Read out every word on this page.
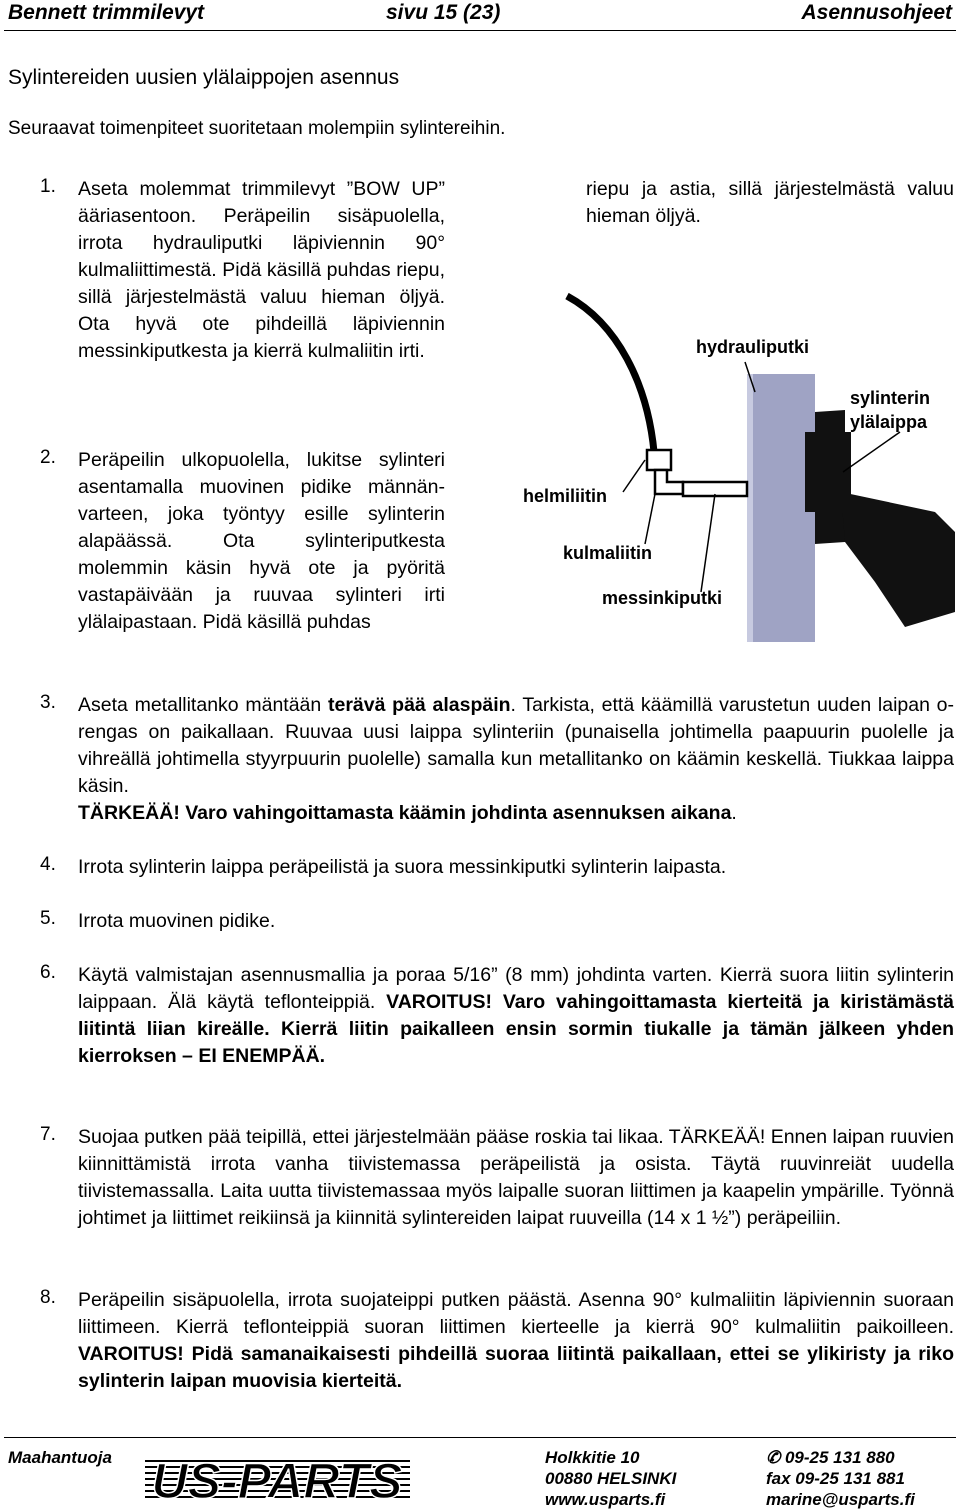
Bennett trimmilevyt	sivu 15 (23)	Asennusohjeet
Sylintereiden uusien ylälaippojen asennus
Seuraavat toimenpiteet suoritetaan molempiin sylintereihin.
1. Aseta molemmat trimmilevyt ”BOW UP” ääriasentoon. Peräpeilin sisäpuolella, irrota hydrauliputki läpiviennin 90° kulmaliittimestä. Pidä käsillä puhdas riepu, sillä järjestelmästä valuu hieman öljyä. Ota hyvä ote pihdeillä läpiviennin messinkiputkesta ja kierrä kulmaliitin irti.
2. Peräpeilin ulkopuolella, lukitse sylinteri asentamalla muovinen pidike männän-varteen, joka työntyy esille sylinterin alapäässä. Ota sylinteriputkesta molemmin käsin hyvä ote ja pyöritä vastapäivään ja ruuvaa sylinteri irti ylälaipastaan. Pidä käsillä puhdas
riepu ja astia, sillä järjestelmästä valuu hieman öljyä.
hydrauliputki
sylinterin
ylälaippa
helmiliitin
kulmaliitin
messinkiputki
3. Aseta metallitanko mäntään terävä pää alaspäin. Tarkista, että käämillä varustetun uuden laipan o-rengas on paikallaan. Ruuvaa uusi laippa sylinteriin (punaisella johtimella paapuurin puolelle ja vihreällä johtimella styyrpuurin puolelle) samalla kun metallitanko on käämin keskellä. Tiukkaa laippa käsin.
TÄRKEÄÄ! Varo vahingoittamasta käämin johdinta asennuksen aikana.
4. Irrota sylinterin laippa peräpeilistä ja suora messinkiputki sylinterin laipasta.
5. Irrota muovinen pidike.
6. Käytä valmistajan asennusmallia ja poraa 5/16” (8 mm) johdinta varten. Kierrä suora liitin sylinterin laippaan. Älä käytä teflonteippiä. VAROITUS! Varo vahingoittamasta kierteitä ja kiristämästä liitintä liian kireälle. Kierrä liitin paikalleen ensin sormin tiukalle ja tämän jälkeen yhden kierroksen – EI ENEMPÄÄ.
7. Suojaa putken pää teipillä, ettei järjestelmään pääse roskia tai likaa. TÄRKEÄÄ! Ennen laipan ruuvien kiinnittämistä irrota vanha tiivistemassa peräpeilistä ja osista. Täytä ruuvinreiät uudella tiivistemassalla. Laita uutta tiivistemassaa myös laipalle suoran liittimen ja kaapelin ympärille. Työnnä johtimet ja liittimet reikiinsä ja kiinnitä sylintereiden laipat ruuveilla (14 x 1 ½”) peräpeiliin.
8. Peräpeilin sisäpuolella, irrota suojateippi putken päästä. Asenna 90° kulmaliitin läpiviennin suoraan liittimeen. Kierrä teflonteippiä suoran liittimen kierteelle ja kierrä 90° kulmaliitin paikoilleen. VAROITUS! Pidä samanaikaisesti pihdeillä suoraa liitintä paikallaan, ettei se ylikiristy ja riko sylinterin laipan muovisia kierteitä.
Maahantuoja US-PARTS	Holkkitie 10
00880 HELSINKI
www.usparts.fi
✆ 09-25 131 880
fax 09-25 131 881
marine@usparts.fi
